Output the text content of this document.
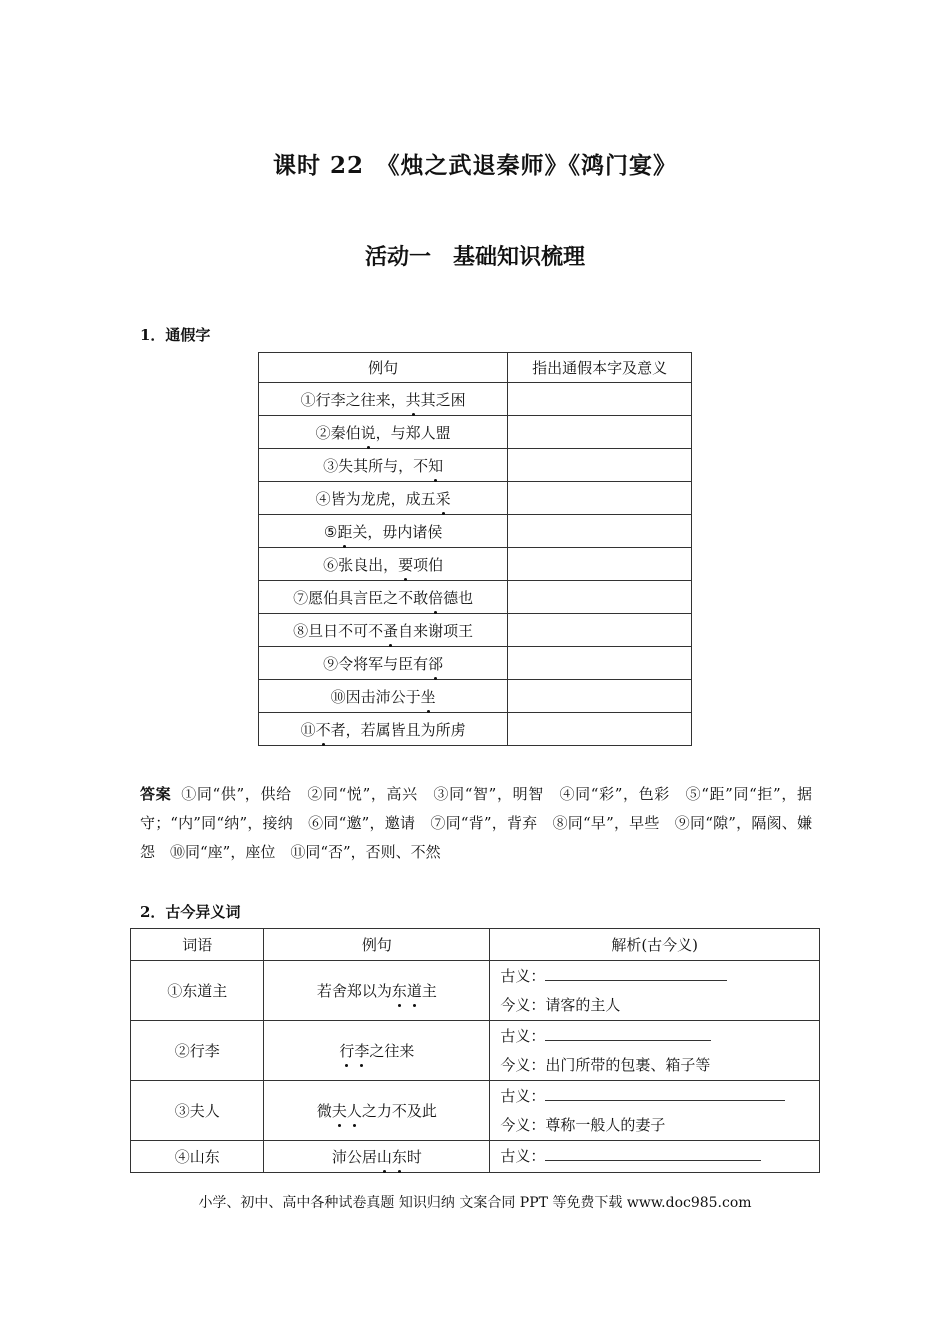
课时 22　《烛之武退秦师》《鸿门宴》
活动一　基础知识梳理
1．通假字
例句	指出通假本字及意义
①行李之往来，共其乏困	
②秦伯说，与郑人盟	
③失其所与，不知	
④皆为龙虎，成五采	
⑤距关，毋内诸侯	
⑥张良出，要项伯	
⑦愿伯具言臣之不敢倍德也	
⑧旦日不可不蚤自来谢项王	
⑨令将军与臣有郤	
⑩因击沛公于坐	
⑪不者，若属皆且为所虏	
答案 ①同“供”，供给　②同“悦”，高兴　③同“智”，明智　④同“彩”，色彩　⑤“距”同“拒”，据守；“内”同“纳”，接纳　⑥同“邀”，邀请　⑦同“背”，背弃　⑧同“早”，早些　⑨同“隙”，隔阂、嫌怨　⑩同“座”，座位　⑪同“否”，否则、不然
2．古今异义词
词语	例句	解析(古今义)
①东道主	若舍郑以为东道主	古义：
今义：请客的主人

②行李	行李之往来	古义：
今义：出门所带的包裹、箱子等

③夫人	微夫人之力不及此	古义：
今义：尊称一般人的妻子

④山东	沛公居山东时	古义：
小学、初中、高中各种试卷真题 知识归纳 文案合同 PPT 等免费下载 www.doc985.com
